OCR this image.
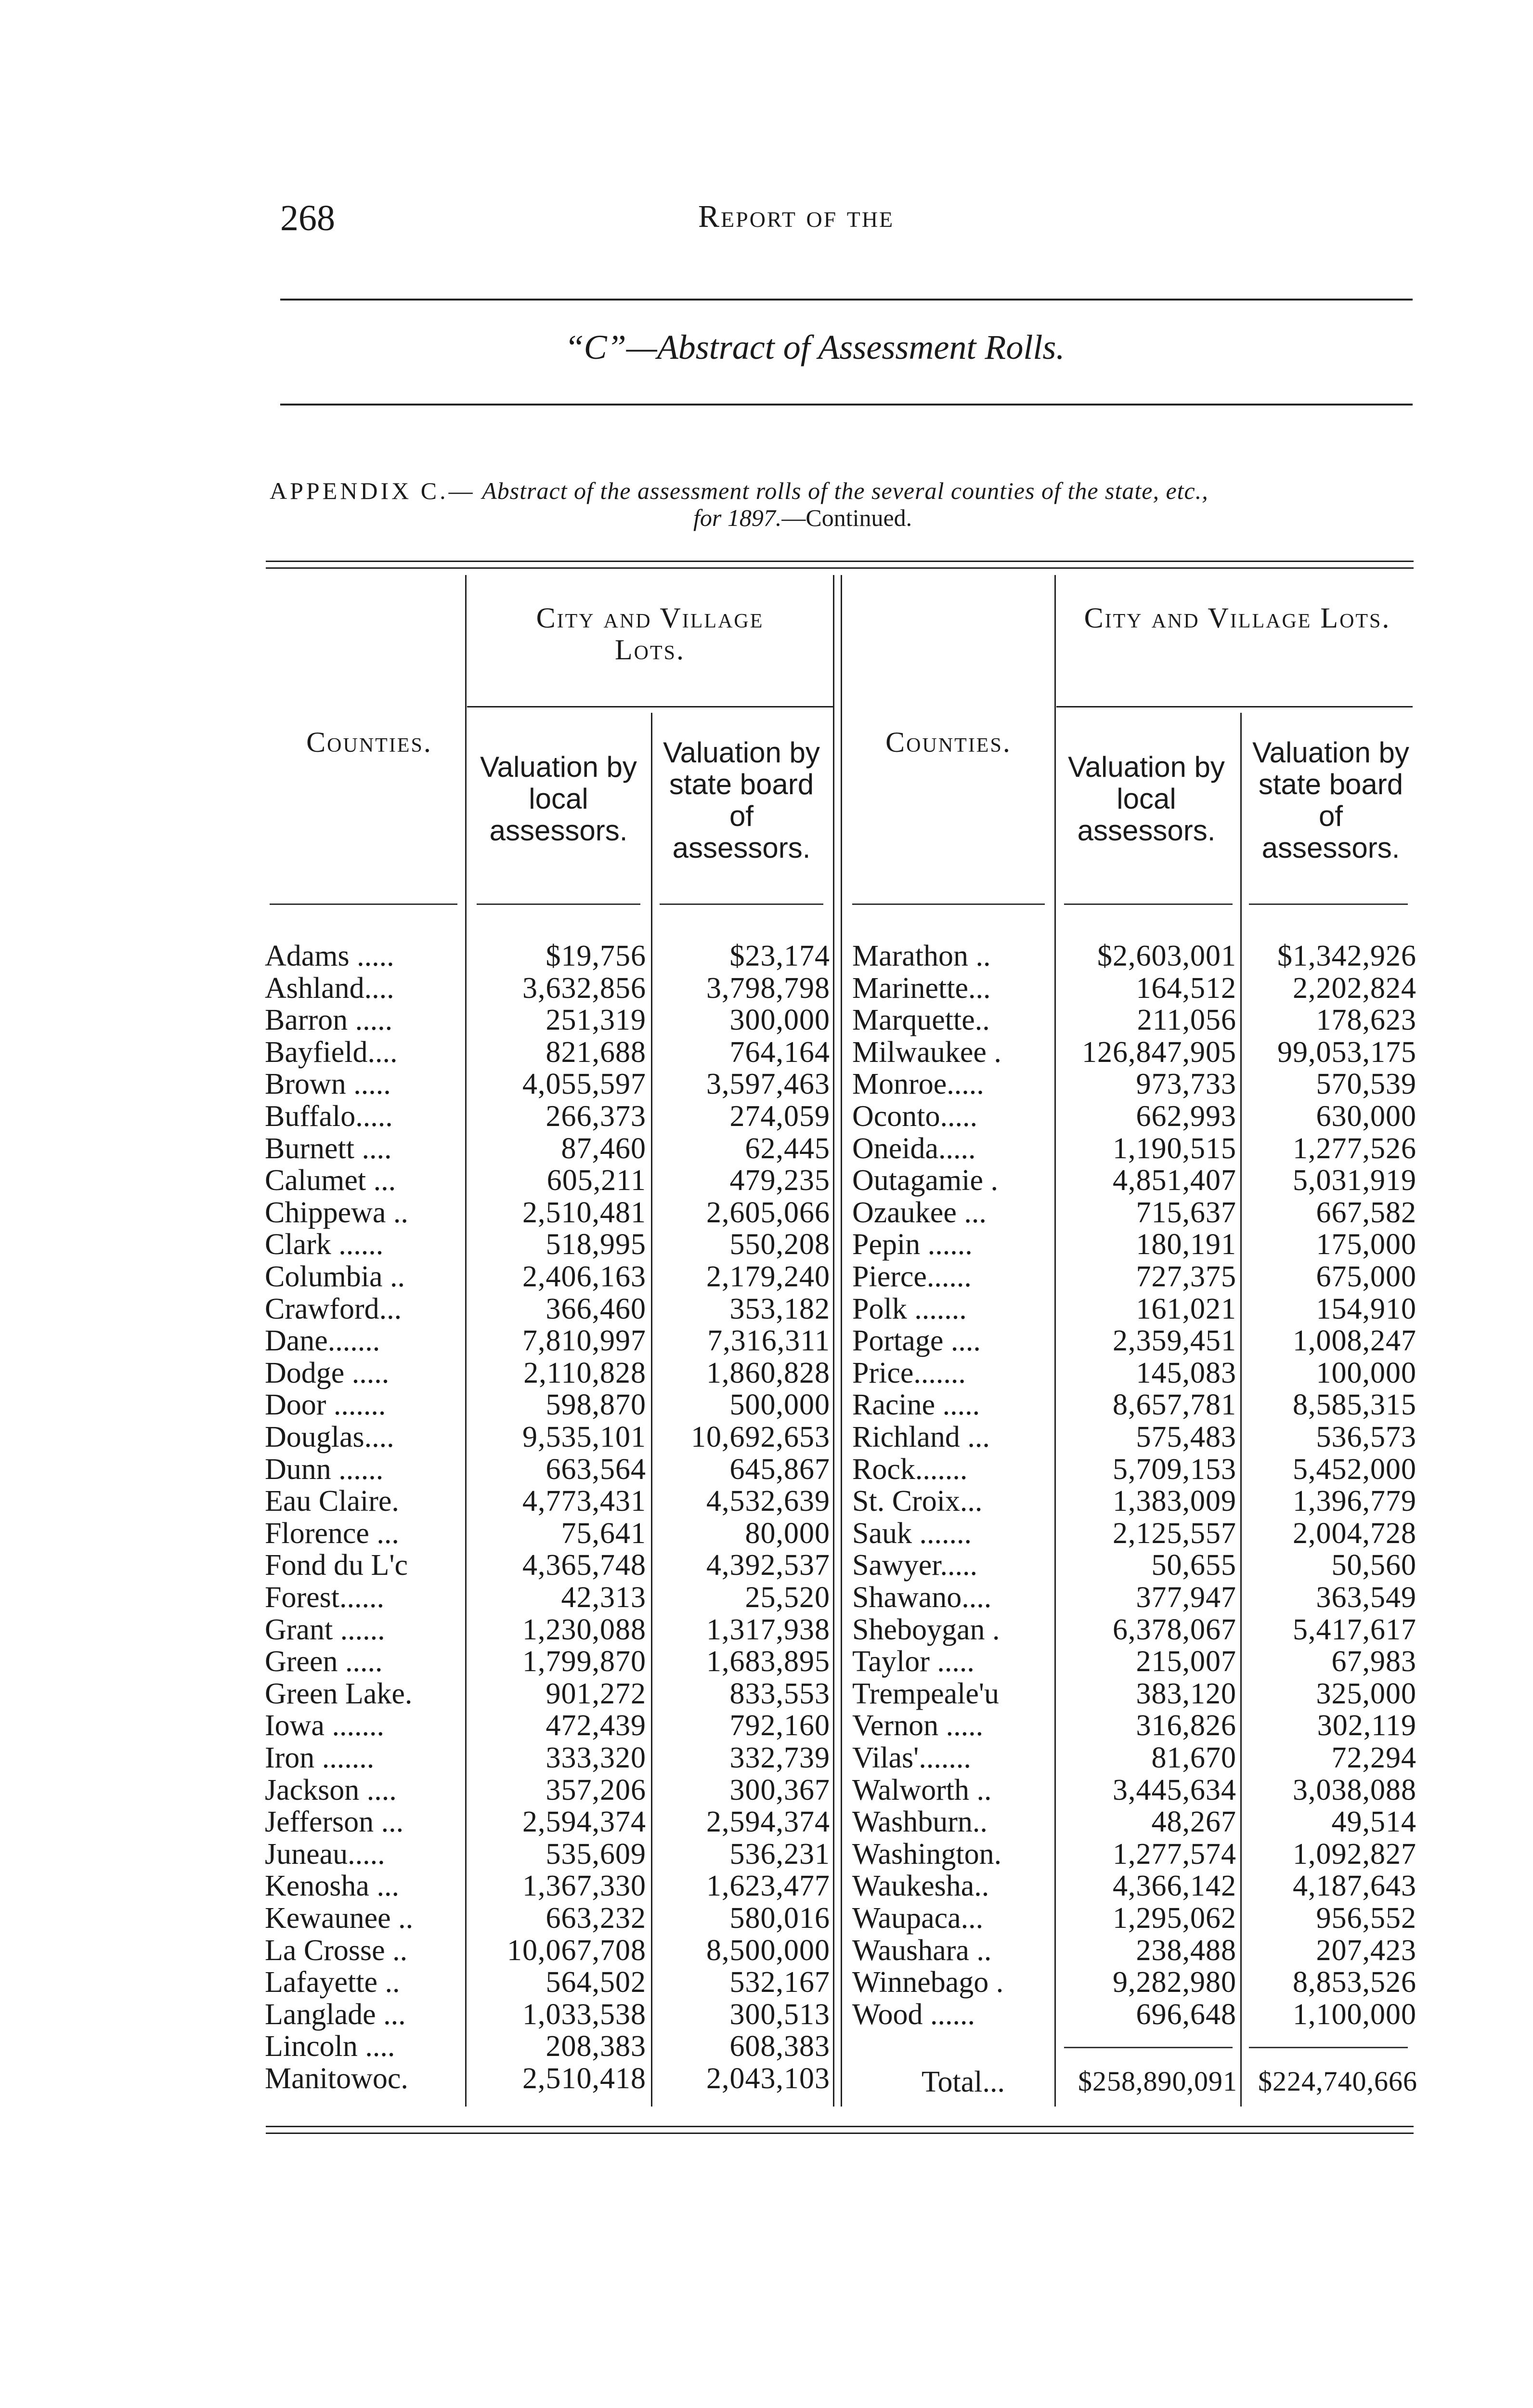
268	Report of the
“C”—Abstract of Assessment Rolls.
APPENDIX C.— Abstract of the assessment rolls of the several counties of the state, etc.,
for 1897.—Continued.
City and Village Lots.
Counties.
Valuation by local assessors.
Valuation by state board of assessors.
City and Village Lots.
Counties.
Valuation by local assessors.
Valuation by state board of assessors.
Adams .....	$19,756	$23,174
Ashland....	3,632,856	3,798,798
Barron .....	251,319	300,000
Bayfield....	821,688	764,164
Brown .....	4,055,597	3,597,463
Buffalo.....	266,373	274,059
Burnett ....	87,460	62,445
Calumet ...	605,211	479,235
Chippewa ..	2,510,481	2,605,066
Clark ......	518,995	550,208
Columbia ..	2,406,163	2,179,240
Crawford...	366,460	353,182
Dane.......	7,810,997	7,316,311
Dodge .....	2,110,828	1,860,828
Door .......	598,870	500,000
Douglas....	9,535,101	10,692,653
Dunn ......	663,564	645,867
Eau Claire.	4,773,431	4,532,639
Florence ...	75,641	80,000
Fond du L'c	4,365,748	4,392,537
Forest......	42,313	25,520
Grant ......	1,230,088	1,317,938
Green .....	1,799,870	1,683,895
Green Lake.	901,272	833,553
Iowa .......	472,439	792,160
Iron .......	333,320	332,739
Jackson ....	357,206	300,367
Jefferson ...	2,594,374	2,594,374
Juneau.....	535,609	536,231
Kenosha ...	1,367,330	1,623,477
Kewaunee ..	663,232	580,016
La Crosse ..	10,067,708	8,500,000
Lafayette ..	564,502	532,167
Langlade ...	1,033,538	300,513
Lincoln ....	208,383	608,383
Manitowoc.	2,510,418	2,043,103
Marathon ..	$2,603,001	$1,342,926
Marinette...	164,512	2,202,824
Marquette..	211,056	178,623
Milwaukee .	126,847,905	99,053,175
Monroe.....	973,733	570,539
Oconto.....	662,993	630,000
Oneida.....	1,190,515	1,277,526
Outagamie .	4,851,407	5,031,919
Ozaukee ...	715,637	667,582
Pepin ......	180,191	175,000
Pierce......	727,375	675,000
Polk .......	161,021	154,910
Portage ....	2,359,451	1,008,247
Price.......	145,083	100,000
Racine .....	8,657,781	8,585,315
Richland ...	575,483	536,573
Rock.......	5,709,153	5,452,000
St. Croix...	1,383,009	1,396,779
Sauk .......	2,125,557	2,004,728
Sawyer.....	50,655	50,560
Shawano....	377,947	363,549
Sheboygan .	6,378,067	5,417,617
Taylor .....	215,007	67,983
Trempeale'u	383,120	325,000
Vernon .....	316,826	302,119
Vilas'.......	81,670	72,294
Walworth ..	3,445,634	3,038,088
Washburn..	48,267	49,514
Washington.	1,277,574	1,092,827
Waukesha..	4,366,142	4,187,643
Waupaca...	1,295,062	956,552
Waushara ..	238,488	207,423
Winnebago .	9,282,980	8,853,526
Wood ......	696,648	1,100,000
Total...	$258,890,091 $224,740,666
